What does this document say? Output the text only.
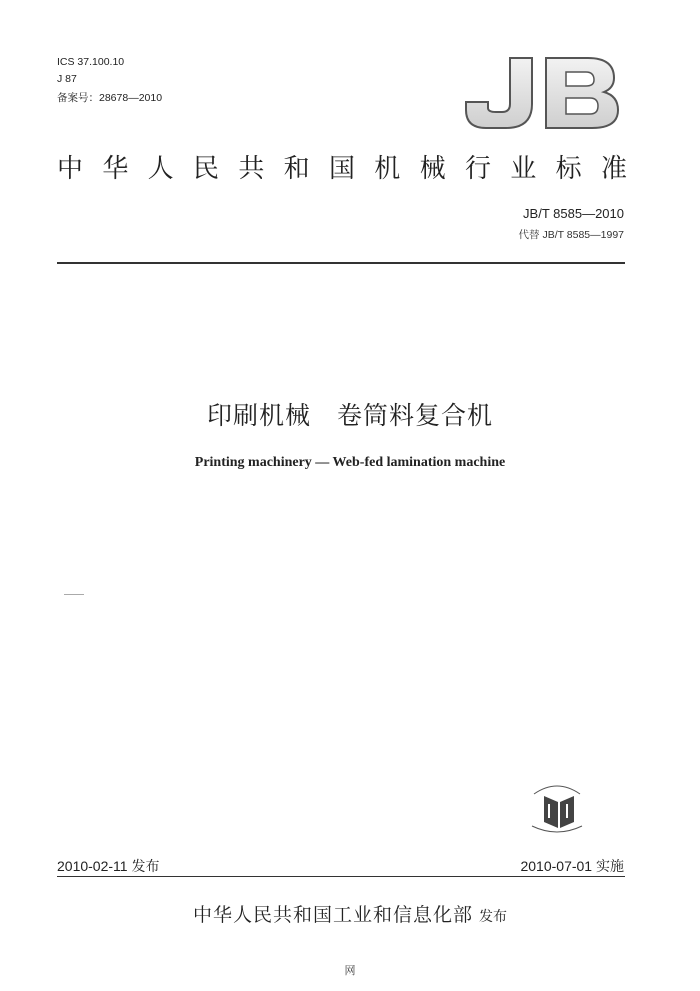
ICS 37.100.10
J 87
备案号：28678—2010
中 华 人 民 共 和 国 机 械 行 业 标 准
JB/T 8585—2010
代替 JB/T 8585—1997
印刷机械　卷筒料复合机
Printing machinery — Web-fed lamination machine
2010-02-11 发布	2010-07-01 实施
中华人民共和国工业和信息化部 发布
网
